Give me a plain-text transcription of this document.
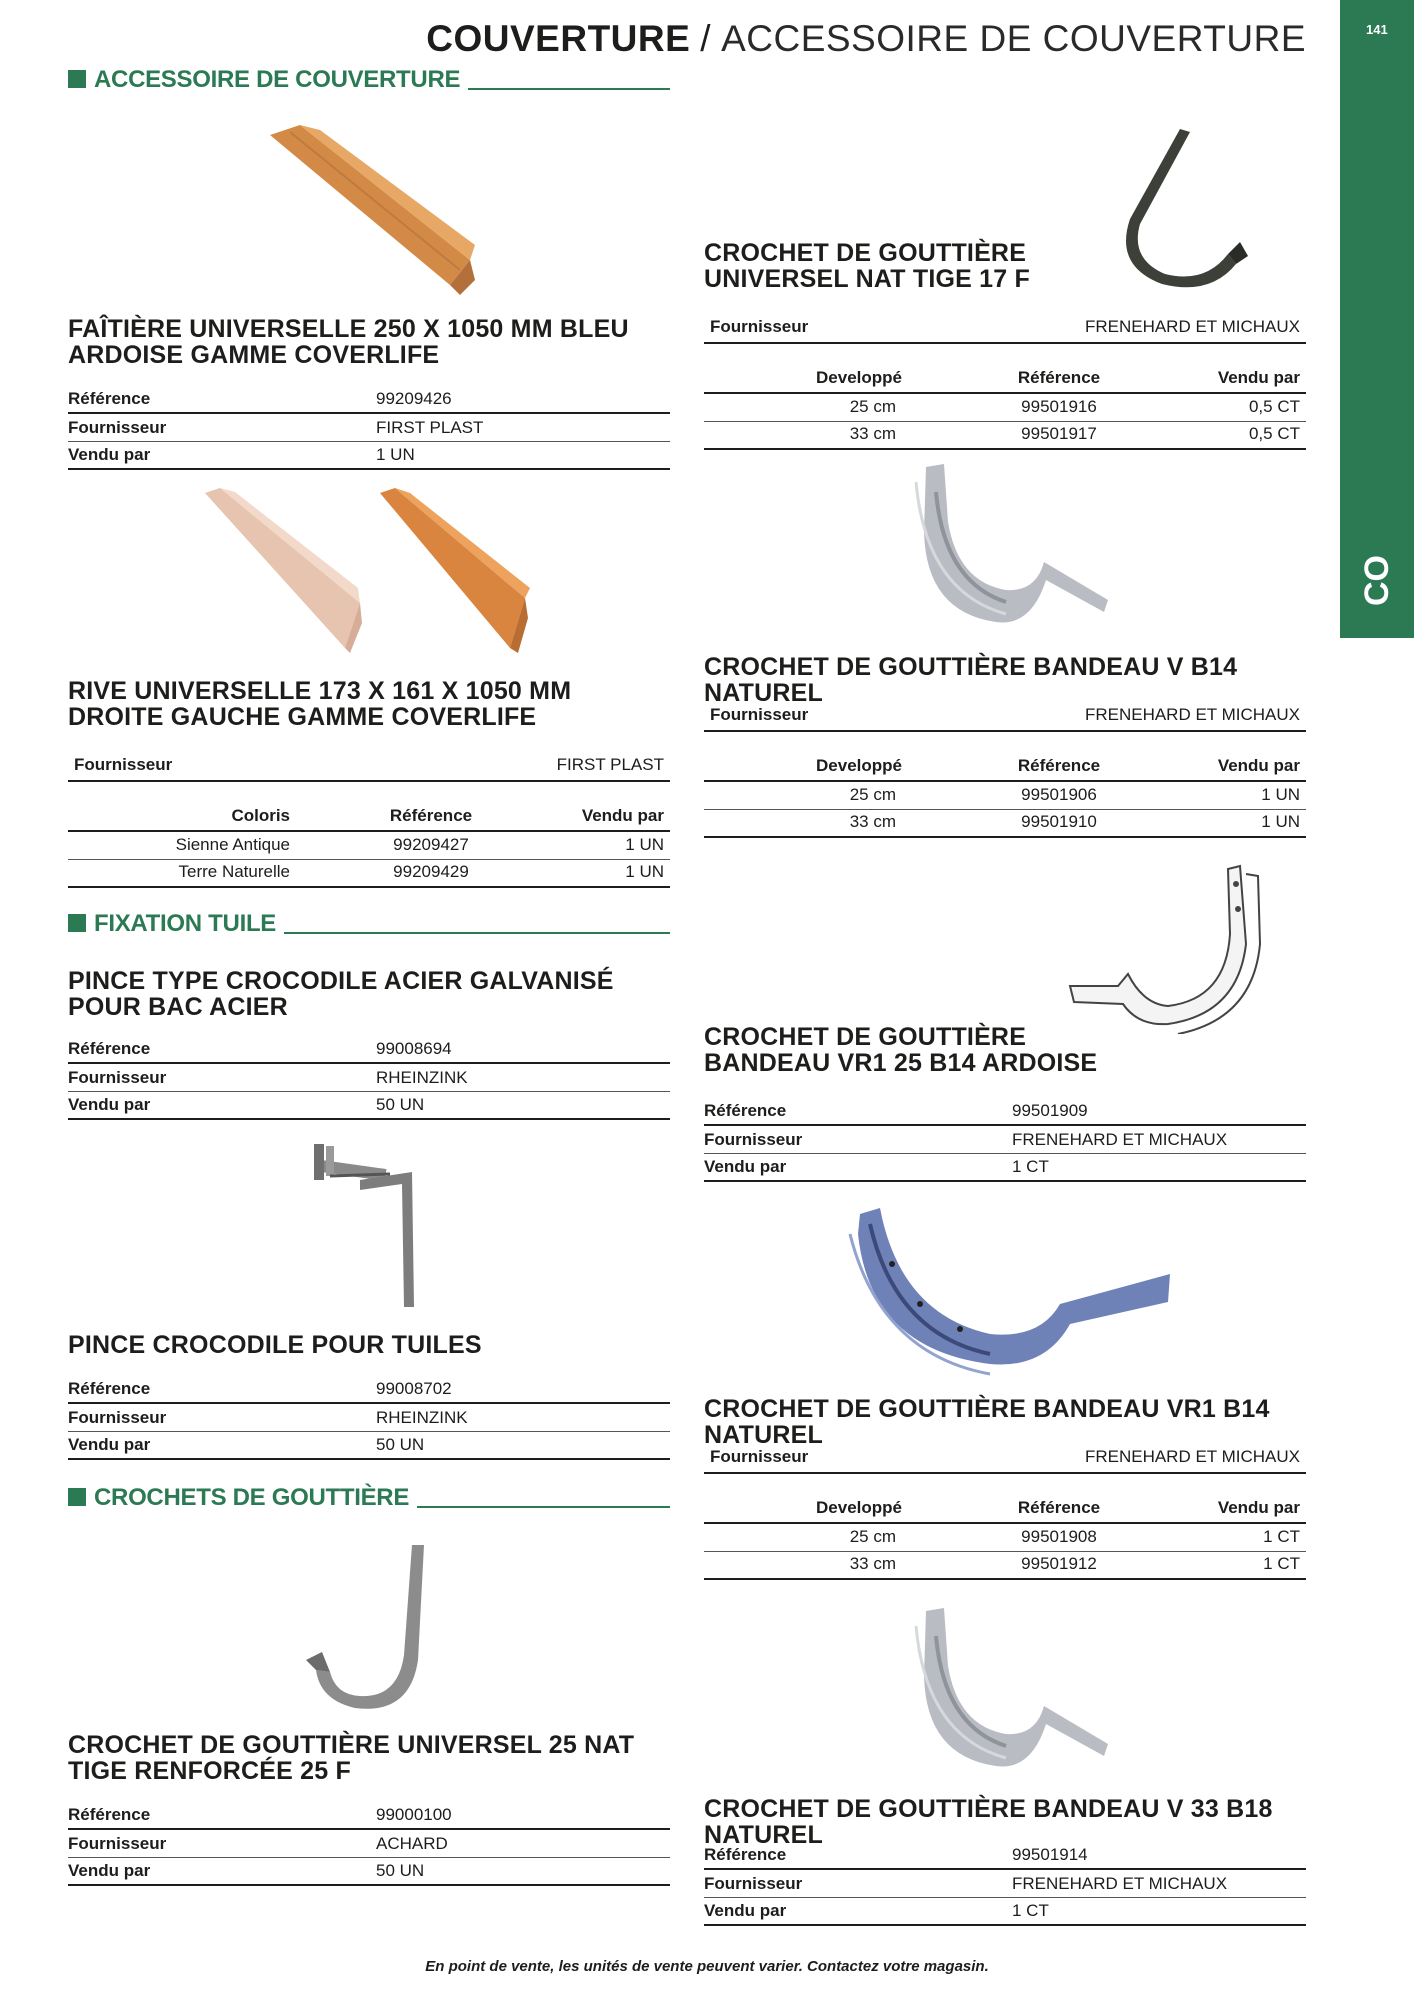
COUVERTURE / ACCESSOIRE DE COUVERTURE	141
CO
ACCESSOIRE DE COUVERTURE
FAÎTIÈRE UNIVERSELLE 250 X 1050 MM BLEU
ARDOISE GAMME COVERLIFE
Référence	99209426
Fournisseur	FIRST PLAST
Vendu par	1 UN
RIVE UNIVERSELLE 173 X 161 X 1050 MM
DROITE GAUCHE GAMME COVERLIFE
Fournisseur	FIRST PLAST
Coloris	Référence	Vendu par
Sienne Antique	99209427	1 UN
Terre Naturelle	99209429	1 UN
FIXATION TUILE
PINCE TYPE CROCODILE ACIER GALVANISÉ
POUR BAC ACIER
Référence	99008694
Fournisseur	RHEINZINK
Vendu par	50 UN
PINCE CROCODILE POUR TUILES
Référence	99008702
Fournisseur	RHEINZINK
Vendu par	50 UN
CROCHETS DE GOUTTIÈRE
CROCHET DE GOUTTIÈRE UNIVERSEL 25 NAT
TIGE RENFORCÉE 25 F
Référence	99000100
Fournisseur	ACHARD
Vendu par	50 UN
CROCHET DE GOUTTIÈRE
UNIVERSEL NAT TIGE 17 F
Fournisseur	FRENEHARD ET MICHAUX
Developpé	Référence	Vendu par
25 cm	99501916	0,5 CT
33 cm	99501917	0,5 CT
CROCHET DE GOUTTIÈRE BANDEAU V B14 NATUREL
Fournisseur	FRENEHARD ET MICHAUX
Developpé	Référence	Vendu par
25 cm	99501906	1 UN
33 cm	99501910	1 UN
CROCHET DE GOUTTIÈRE
BANDEAU VR1 25 B14 ARDOISE
Référence	99501909
Fournisseur	FRENEHARD ET MICHAUX
Vendu par	1 CT
CROCHET DE GOUTTIÈRE BANDEAU VR1 B14 NATUREL
Fournisseur	FRENEHARD ET MICHAUX
Developpé	Référence	Vendu par
25 cm	99501908	1 CT
33 cm	99501912	1 CT
CROCHET DE GOUTTIÈRE BANDEAU V 33 B18 NATUREL
Référence	99501914
Fournisseur	FRENEHARD ET MICHAUX
Vendu par	1 CT
En point de vente, les unités de vente peuvent varier. Contactez votre magasin.
